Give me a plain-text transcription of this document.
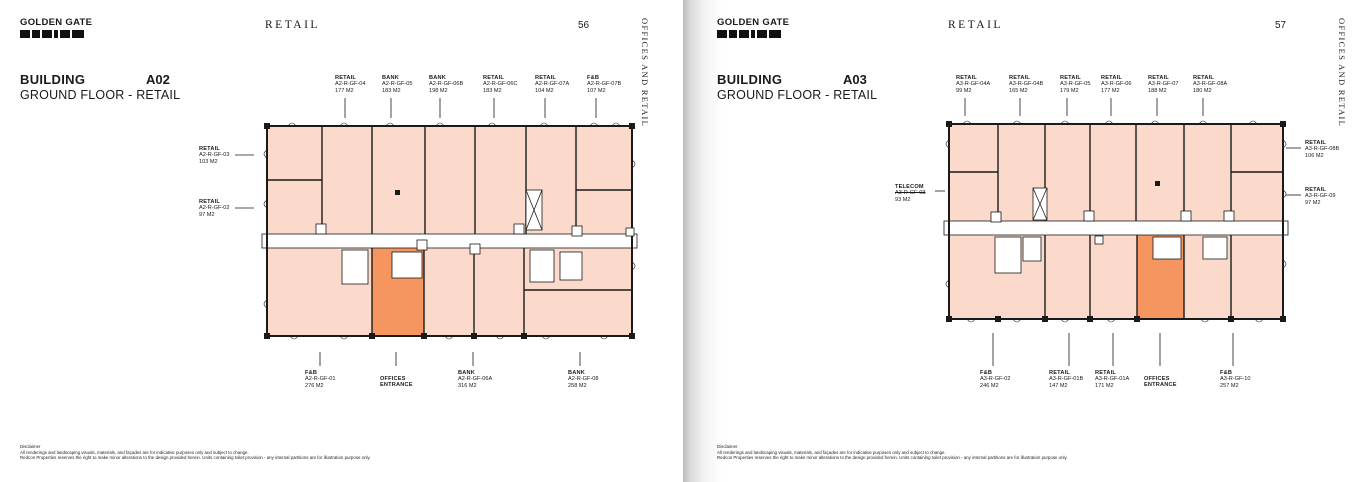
GOLDEN GATE	RETAIL	56	OFFICES AND RETAIL
BUILDING	A02
GROUND FLOOR - RETAIL
RETAIL
A2-R-GF-04
177 M2
BANK
A2-R-GF-05
183 M2
BANK
A2-R-GF-06B
198 M2
RETAIL
A2-R-GF-06C
183 M2
RETAIL
A2-R-GF-07A
104 M2
F&B
A2-R-GF-07B
107 M2
RETAIL
A2-R-GF-03
103 M2
RETAIL
A2-R-GF-02
97 M2
F&B
A2-R-GF-01
276 M2
OFFICES
ENTRANCE
BANK
A2-R-GF-06A
316 M2
BANK
A2-R-GF-08
258 M2
Disclaimer
All renderings and landscaping visuals, materials, and façades are for indicative purposes only and subject to change.
Redcon Properties reserves the right to make minor alterations to the design provided herein. Units containing toilet provision - any internal partitions are for illustration purpose only.
GOLDEN GATE	RETAIL	57	OFFICES AND RETAIL
BUILDING	A03
GROUND FLOOR - RETAIL
RETAIL
A3-R-GF-04A
99 M2
RETAIL
A3-R-GF-04B
165 M2
RETAIL
A3-R-GF-05
179 M2
RETAIL
A3-R-GF-06
177 M2
RETAIL
A3-R-GF-07
188 M2
RETAIL
A3-R-GF-08A
180 M2
TELECOM
A3-R-GF-03
93 M2
RETAIL
A3-R-GF-08B
106 M2
RETAIL
A3-R-GF-09
97 M2
F&B
A3-R-GF-02
246 M2
RETAIL
A3-R-GF-01B
147 M2
RETAIL
A3-R-GF-01A
171 M2
OFFICES
ENTRANCE
F&B
A3-R-GF-10
257 M2
Disclaimer
All renderings and landscaping visuals, materials, and façades are for indicative purposes only and subject to change.
Redcon Properties reserves the right to make minor alterations to the design provided herein. Units containing toilet provision - any internal partitions are for illustration purpose only.
